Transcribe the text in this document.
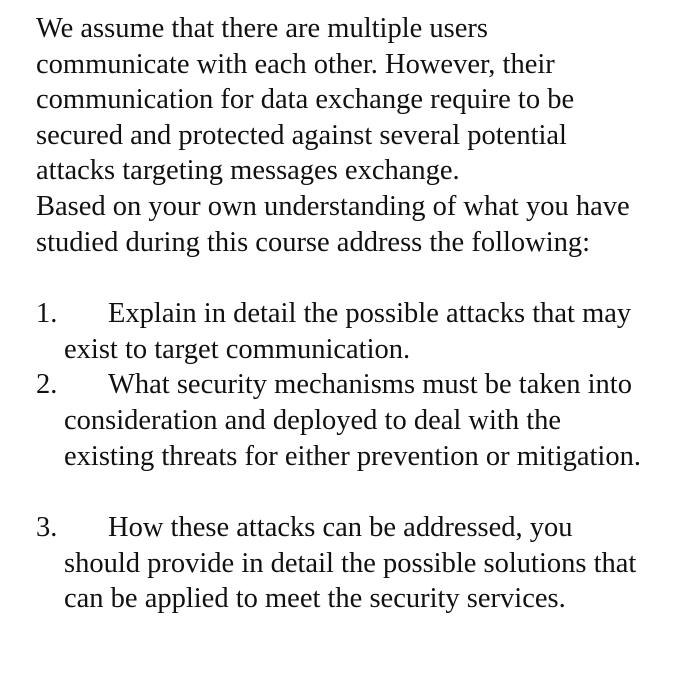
We assume that there are multiple users
communicate with each other. However, their
communication for data exchange require to be
secured and protected against several potential
attacks targeting messages exchange.
Based on your own understanding of what you have
studied during this course address the following:

1. Explain in detail the possible attacks that may
exist to target communication.
2. What security mechanisms must be taken into
consideration and deployed to deal with the
existing threats for either prevention or mitigation.
3. How these attacks can be addressed, you
should provide in detail the possible solutions that
can be applied to meet the security services.
